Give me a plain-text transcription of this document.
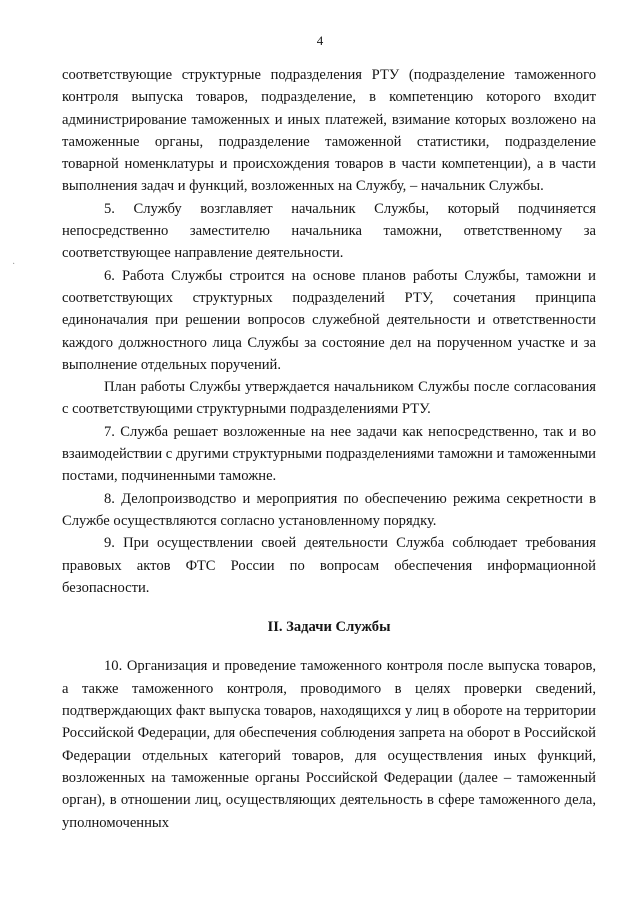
4
·

соответствующие структурные подразделения РТУ (подразделение таможенного контроля выпуска товаров, подразделение, в компетенцию которого входит администрирование таможенных и иных платежей, взимание которых возложено на таможенные органы, подразделение таможенной статистики, подразделение товарной номенклатуры и происхождения товаров в части компетенции), а в части выполнения задач и функций, возложенных на Службу, – начальник Службы.

5. Службу возглавляет начальник Службы, который подчиняется непосредственно заместителю начальника таможни, ответственному за соответствующее направление деятельности.

6. Работа Службы строится на основе планов работы Службы, таможни и соответствующих структурных подразделений РТУ, сочетания принципа единоначалия при решении вопросов служебной деятельности и ответственности каждого должностного лица Службы за состояние дел на порученном участке и за выполнение отдельных поручений.

План работы Службы утверждается начальником Службы после согласования с соответствующими структурными подразделениями РТУ.

7. Служба решает возложенные на нее задачи как непосредственно, так и во взаимодействии с другими структурными подразделениями таможни и таможенными постами, подчиненными таможне.

8. Делопроизводство и мероприятия по обеспечению режима секретности в Службе осуществляются согласно установленному порядку.

9. При осуществлении своей деятельности Служба соблюдает требования правовых актов ФТС России по вопросам обеспечения информационной безопасности.

II. Задачи Службы

10. Организация и проведение таможенного контроля после выпуска товаров, а также таможенного контроля, проводимого в целях проверки сведений, подтверждающих факт выпуска товаров, находящихся у лиц в обороте на территории Российской Федерации, для обеспечения соблюдения запрета на оборот в Российской Федерации отдельных категорий товаров, для осуществления иных функций, возложенных на таможенные органы Российской Федерации (далее – таможенный орган), в отношении лиц, осуществляющих деятельность в сфере таможенного дела, уполномоченных
